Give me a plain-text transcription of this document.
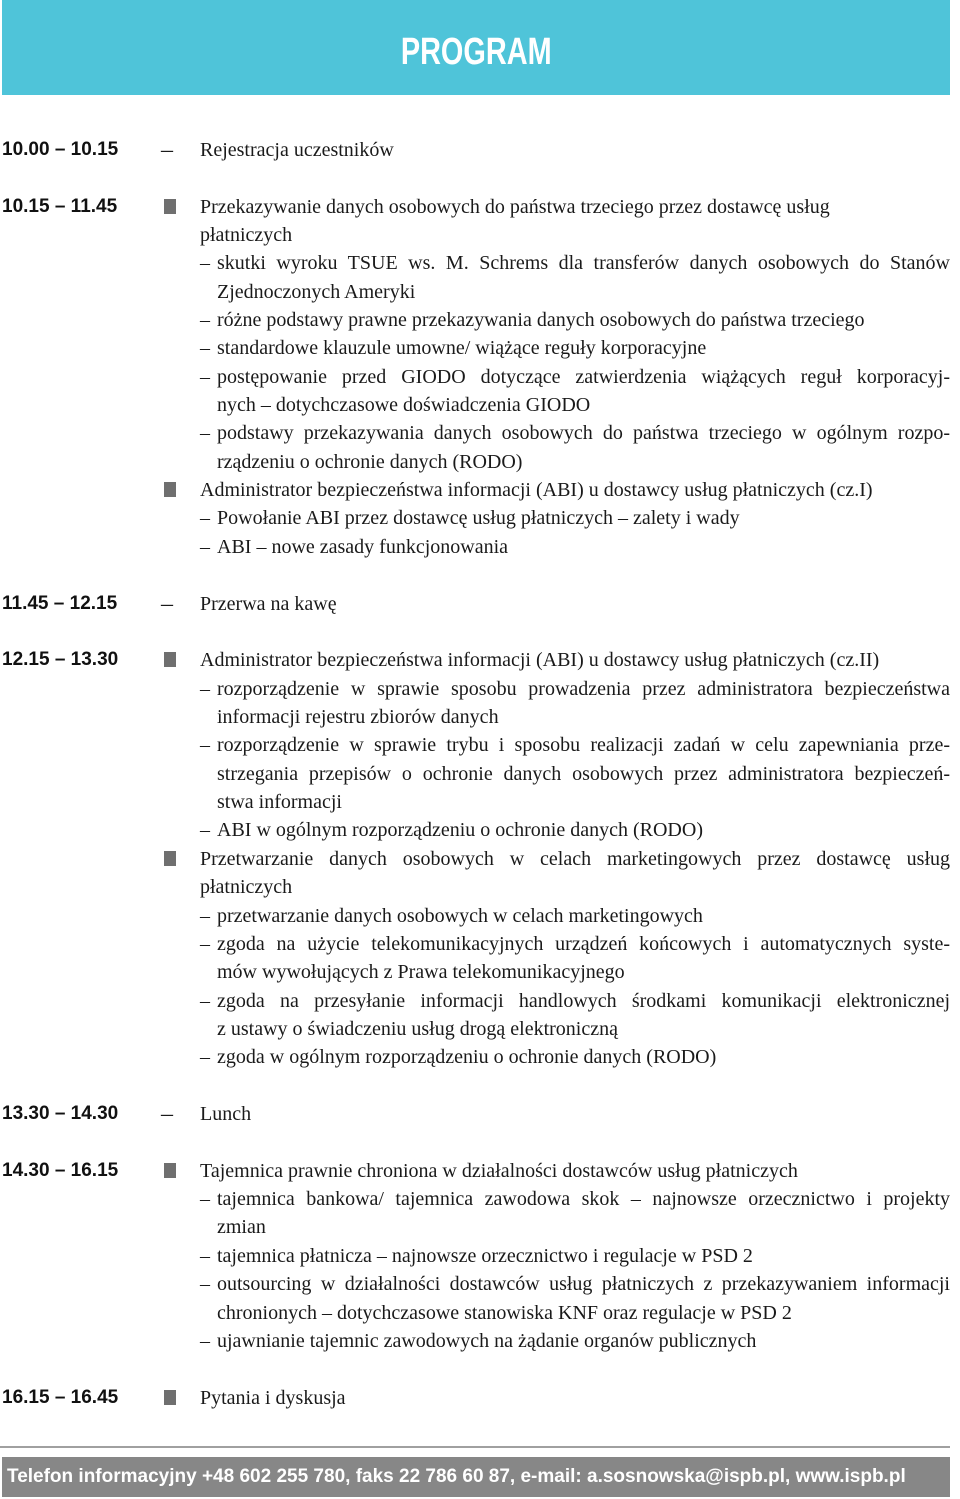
PROGRAM
10.00 – 10.15 – Rejestracja uczestników
10.15 – 11.45	Przekazywanie danych osobowych do państwa trzeciego przez dostawcę usług
płatniczych
– skutki wyroku TSUE ws. M. Schrems dla transferów danych osobowych do Stanów
Zjednoczonych Ameryki
– różne podstawy prawne przekazywania danych osobowych do państwa trzeciego
– standardowe klauzule umowne/ wiążące reguły korporacyjne
– postępowanie przed GIODO dotyczące zatwierdzenia wiążących reguł korporacyj-
nych – dotychczasowe doświadczenia GIODO
– podstawy przekazywania danych osobowych do państwa trzeciego w ogólnym rozpo-
rządzeniu o ochronie danych (RODO)
Administrator bezpieczeństwa informacji (ABI) u dostawcy usług płatniczych (cz.I)
– Powołanie ABI przez dostawcę usług płatniczych – zalety i wady
– ABI – nowe zasady funkcjonowania
11.45 – 12.15 – Przerwa na kawę
12.15 – 13.30	Administrator bezpieczeństwa informacji (ABI) u dostawcy usług płatniczych (cz.II)
– rozporządzenie w sprawie sposobu prowadzenia przez administratora bezpieczeństwa
informacji rejestru zbiorów danych
– rozporządzenie w sprawie trybu i sposobu realizacji zadań w celu zapewniania prze-
strzegania przepisów o ochronie danych osobowych przez administratora bezpieczeń-
stwa informacji
– ABI w ogólnym rozporządzeniu o ochronie danych (RODO)
Przetwarzanie danych osobowych w celach marketingowych przez dostawcę usług
płatniczych
– przetwarzanie danych osobowych w celach marketingowych
– zgoda na użycie telekomunikacyjnych urządzeń końcowych i automatycznych syste-
mów wywołujących z Prawa telekomunikacyjnego
– zgoda na przesyłanie informacji handlowych środkami komunikacji elektronicznej
z ustawy o świadczeniu usług drogą elektroniczną
– zgoda w ogólnym rozporządzeniu o ochronie danych (RODO)
13.30 – 14.30 – Lunch
14.30 – 16.15	Tajemnica prawnie chroniona w działalności dostawców usług płatniczych
– tajemnica bankowa/ tajemnica zawodowa skok – najnowsze orzecznictwo i projekty
zmian
– tajemnica płatnicza – najnowsze orzecznictwo i regulacje w PSD 2
– outsourcing w działalności dostawców usług płatniczych z przekazywaniem informacji
chronionych – dotychczasowe stanowiska KNF oraz regulacje w PSD 2
– ujawnianie tajemnic zawodowych na żądanie organów publicznych
16.15 – 16.45	Pytania i dyskusja
Telefon informacyjny +48 602 255 780, faks 22 786 60 87, e-mail: a.sosnowska@ispb.pl, www.ispb.pl
